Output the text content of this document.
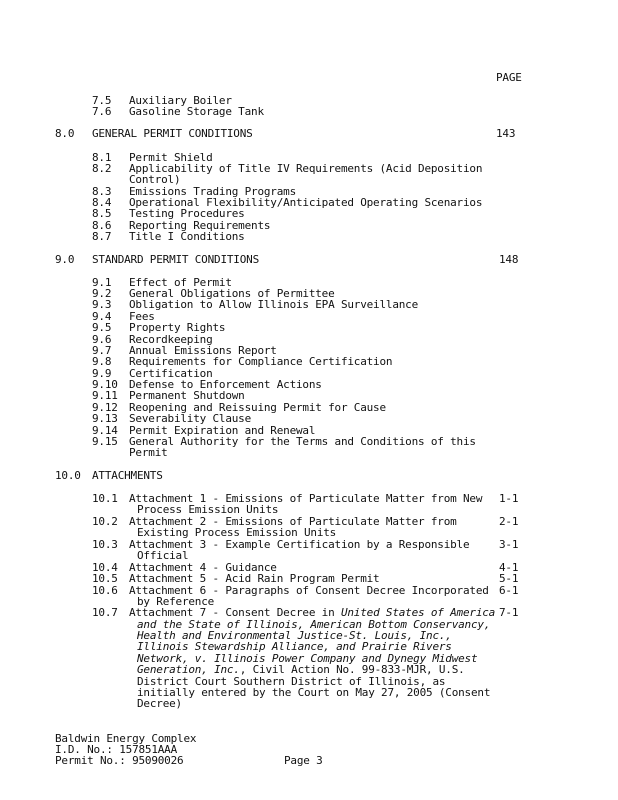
PAGE
7.5 Auxiliary Boiler
7.6 Gasoline Storage Tank
8.0 GENERAL PERMIT CONDITIONS	143
8.1 Permit Shield
8.2 Applicability of Title IV Requirements (Acid Deposition
Control)
8.3 Emissions Trading Programs
8.4 Operational Flexibility/Anticipated Operating Scenarios
8.5 Testing Procedures
8.6 Reporting Requirements
8.7 Title I Conditions
9.0 STANDARD PERMIT CONDITIONS	148
9.1 Effect of Permit
9.2 General Obligations of Permittee
9.3 Obligation to Allow Illinois EPA Surveillance
9.4 Fees
9.5 Property Rights
9.6 Recordkeeping
9.7 Annual Emissions Report
9.8 Requirements for Compliance Certification
9.9 Certification
9.10 Defense to Enforcement Actions
9.11 Permanent Shutdown
9.12 Reopening and Reissuing Permit for Cause
9.13 Severability Clause
9.14 Permit Expiration and Renewal
9.15 General Authority for the Terms and Conditions of this
Permit
10.0 ATTACHMENTS
10.1 Attachment 1 - Emissions of Particulate Matter from New 1-1
Process Emission Units
10.2 Attachment 2 - Emissions of Particulate Matter from	2-1
Existing Process Emission Units
10.3 Attachment 3 - Example Certification by a Responsible	3-1
Official
10.4 Attachment 4 - Guidance	4-1
10.5 Attachment 5 - Acid Rain Program Permit	5-1
10.6 Attachment 6 - Paragraphs of Consent Decree Incorporated 6-1
by Reference
10.7 Attachment 7 - Consent Decree in United States of America 7-1
and the State of Illinois, American Bottom Conservancy,
Health and Environmental Justice-St. Louis, Inc.,
Illinois Stewardship Alliance, and Prairie Rivers
Network, v. Illinois Power Company and Dynegy Midwest
Generation, Inc., Civil Action No. 99-833-MJR, U.S.
District Court Southern District of Illinois, as
initially entered by the Court on May 27, 2005 (Consent
Decree)
Baldwin Energy Complex
I.D. No.: 157851AAA
Permit No.: 95090026	Page 3
